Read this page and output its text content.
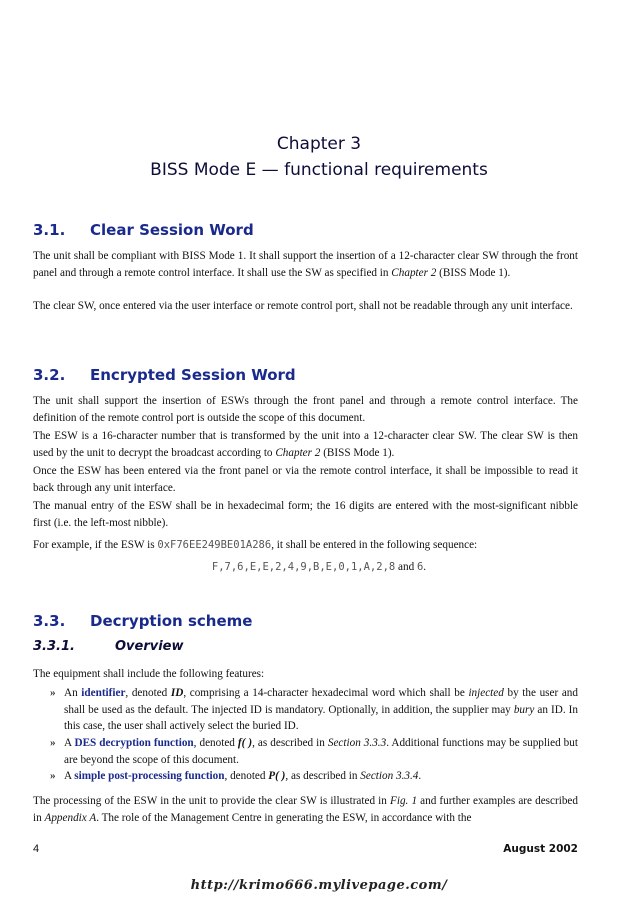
Chapter 3
BISS Mode E — functional requirements
3.1. Clear Session Word

The unit shall be compliant with BISS Mode 1. It shall support the insertion of a 12-character clear SW through the front panel and through a remote control interface. It shall use the SW as specified in Chapter 2 (BISS Mode 1).

The clear SW, once entered via the user interface or remote control port, shall not be readable through any unit interface.

3.2. Encrypted Session Word

The unit shall support the insertion of ESWs through the front panel and through a remote control interface. The definition of the remote control port is outside the scope of this document.

The ESW is a 16-character number that is transformed by the unit into a 12-character clear SW. The clear SW is then used by the unit to decrypt the broadcast according to Chapter 2 (BISS Mode 1).

Once the ESW has been entered via the front panel or via the remote control interface, it shall be impossible to read it back through any unit interface.

The manual entry of the ESW shall be in hexadecimal form; the 16 digits are entered with the most-significant nibble first (i.e. the left-most nibble).

For example, if the ESW is 0xF76EE249BE01A286, it shall be entered in the following sequence:

F,7,6,E,E,2,4,9,B,E,0,1,A,2,8 and 6.
3.3. Decryption scheme
3.3.1.	Overview

The equipment shall include the following features:

» An identifier, denoted ID, comprising a 14-character hexadecimal word which shall be injected by the user and shall be used as the default. The injected ID is mandatory. Optionally, in addition, the supplier may bury an ID. In this case, the user shall actively select the buried ID.
» A DES decryption function, denoted f( ), as described in Section 3.3.3. Additional functions may be supplied but are beyond the scope of this document.
» A simple post-processing function, denoted P( ), as described in Section 3.3.4.

The processing of the ESW in the unit to provide the clear SW is illustrated in Fig. 1 and further examples are described in Appendix A. The role of the Management Centre in generating the ESW, in accordance with the

4	August 2002
http://krimo666.mylivepage.com/
